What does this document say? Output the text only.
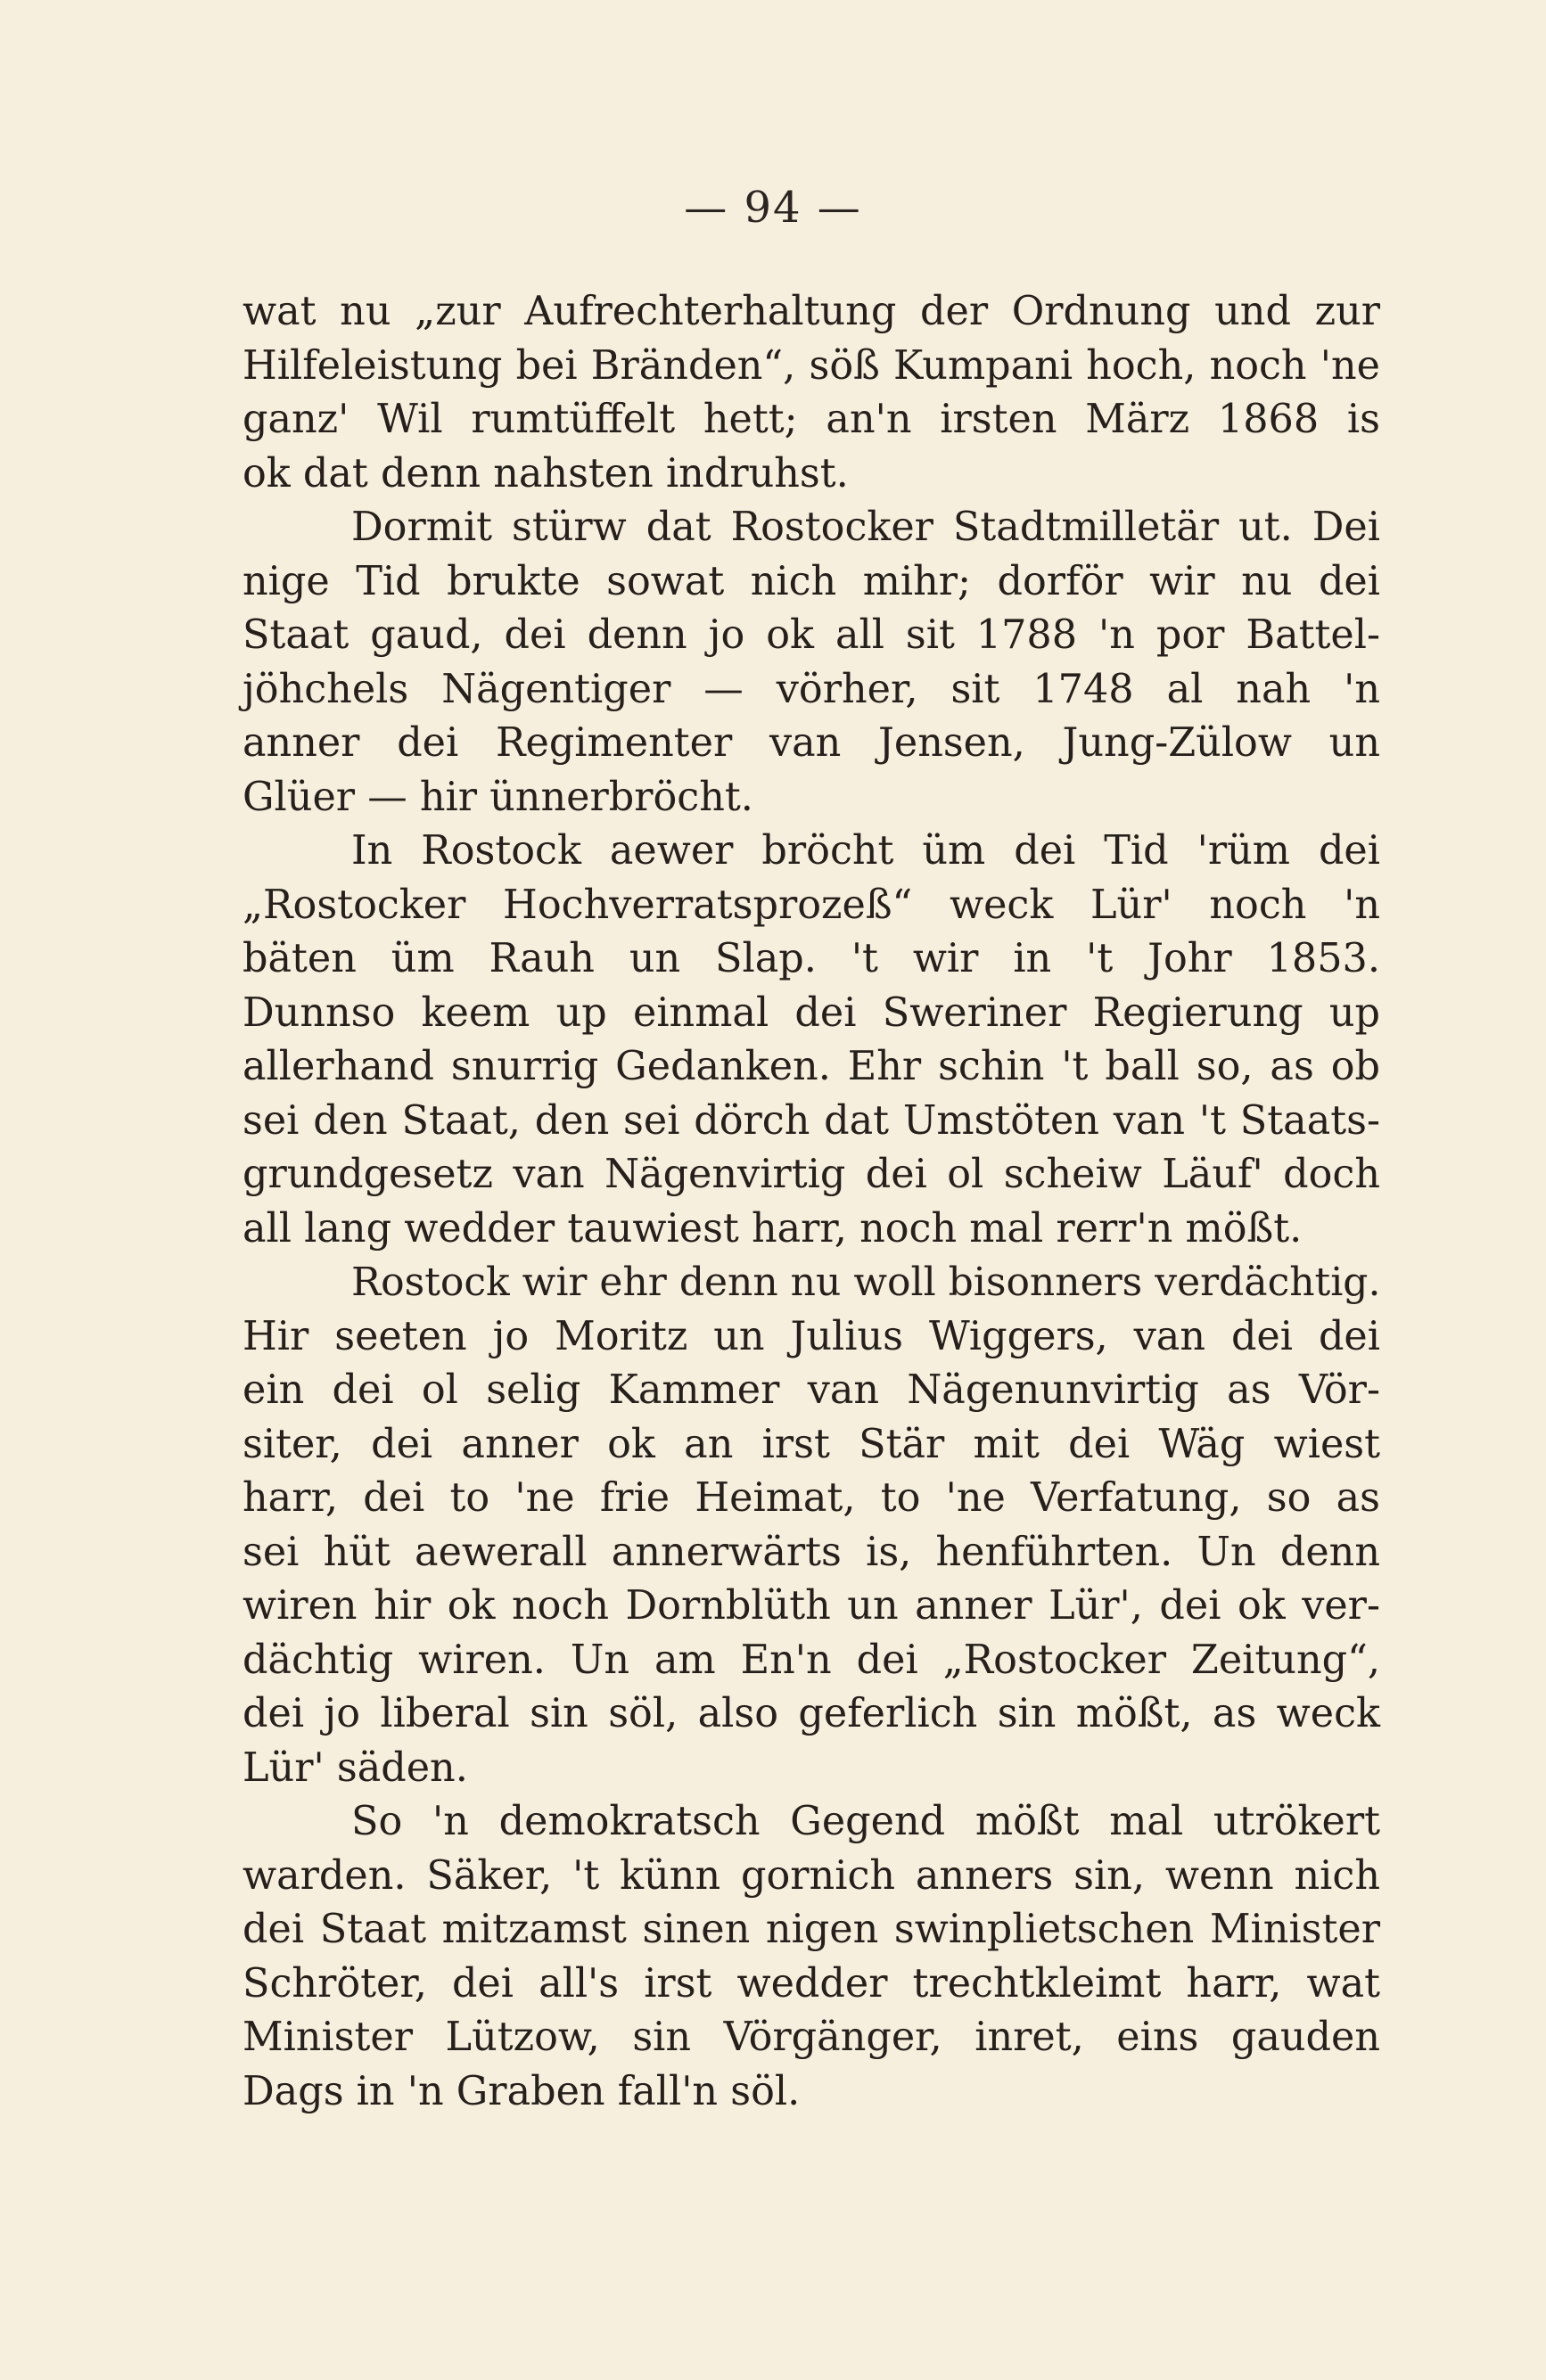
— 94 —
wat nu „zur Aufrechterhaltung der Ordnung und zur
Hilfeleistung bei Bränden“, söß Kumpani hoch, noch 'ne
ganz' Wil rumtüffelt hett; an'n irsten März 1868 is
ok dat denn nahsten indruhst.
Dormit stürw dat Rostocker Stadtmilletär ut. Dei
nige Tid brukte sowat nich mihr; dorför wir nu dei
Staat gaud, dei denn jo ok all sit 1788 'n por Battel-
jöhchels Nägentiger — vörher, sit 1748 al nah 'n
anner dei Regimenter van Jensen, Jung-Zülow un
Glüer — hir ünnerbröcht.
In Rostock aewer bröcht üm dei Tid 'rüm dei
„Rostocker Hochverratsprozeß“ weck Lür' noch 'n
bäten üm Rauh un Slap. 't wir in 't Johr 1853.
Dunnso keem up einmal dei Sweriner Regierung up
allerhand snurrig Gedanken. Ehr schin 't ball so, as ob
sei den Staat, den sei dörch dat Umstöten van 't Staats-
grundgesetz van Nägenvirtig dei ol scheiw Läuf' doch
all lang wedder tauwiest harr, noch mal rerr'n mößt.
Rostock wir ehr denn nu woll bisonners verdächtig.
Hir seeten jo Moritz un Julius Wiggers, van dei dei
ein dei ol selig Kammer van Nägenunvirtig as Vör-
siter, dei anner ok an irst Stär mit dei Wäg wiest
harr, dei to 'ne frie Heimat, to 'ne Verfatung, so as
sei hüt aewerall annerwärts is, henführten. Un denn
wiren hir ok noch Dornblüth un anner Lür', dei ok ver-
dächtig wiren. Un am En'n dei „Rostocker Zeitung“,
dei jo liberal sin söl, also geferlich sin mößt, as weck
Lür' säden.
So 'n demokratsch Gegend mößt mal utrökert
warden. Säker, 't künn gornich anners sin, wenn nich
dei Staat mitzamst sinen nigen swinplietschen Minister
Schröter, dei all's irst wedder trechtkleimt harr, wat
Minister Lützow, sin Vörgänger, inret, eins gauden
Dags in 'n Graben fall'n söl.
